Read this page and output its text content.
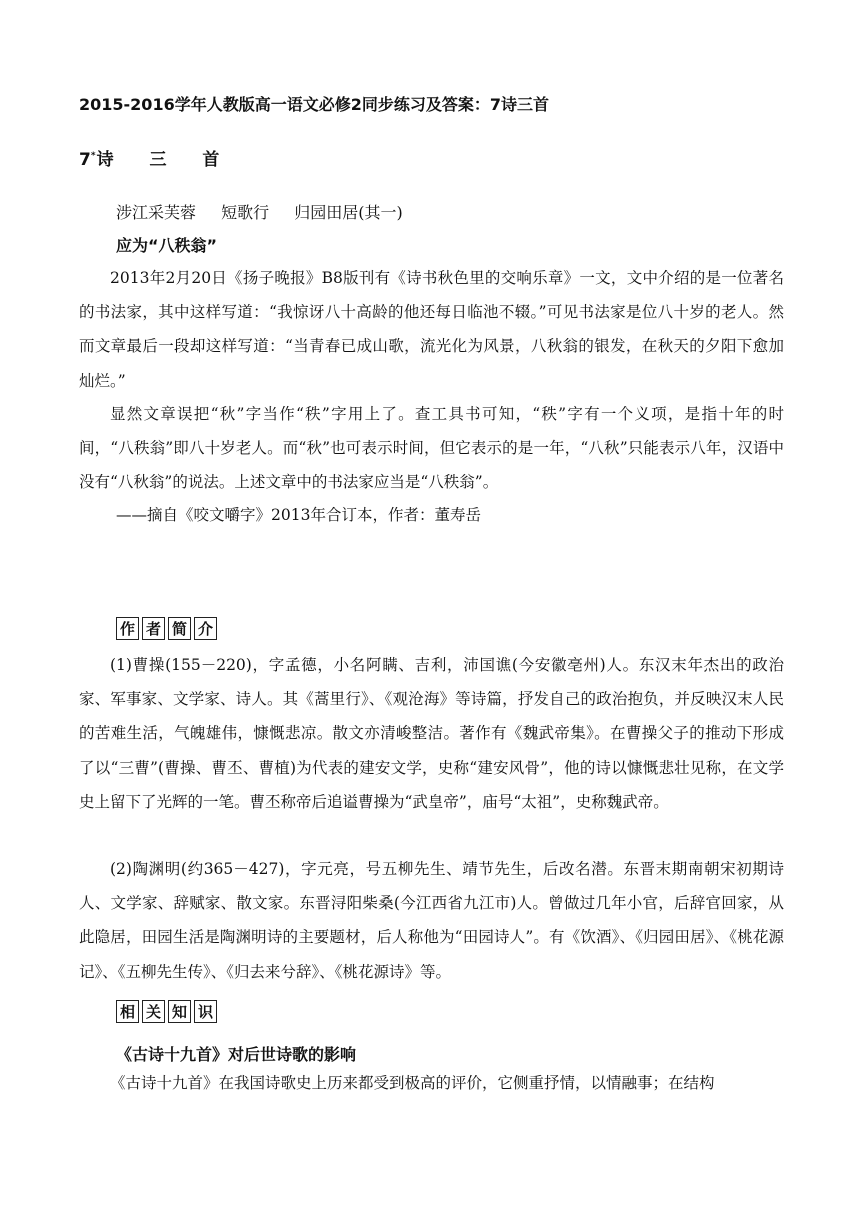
2015-2016学年人教版高一语文必修2同步练习及答案：7诗三首
7*诗 三 首
涉江采芙蓉 短歌行 归园田居(其一)
应为“八秩翁”

2013年2月20日《扬子晚报》B8版刊有《诗书秋色里的交响乐章》一文，文中介绍的是一位著名的书法家，其中这样写道：“我惊讶八十高龄的他还每日临池不辍。”可见书法家是位八十岁的老人。然而文章最后一段却这样写道：“当青春已成山歌，流光化为风景，八秋翁的银发，在秋天的夕阳下愈加灿烂。”

显然文章误把“秋”字当作“秩”字用上了。查工具书可知，“秩”字有一个义项，是指十年的时间，“八秩翁”即八十岁老人。而“秋”也可表示时间，但它表示的是一年，“八秋”只能表示八年，汉语中没有“八秋翁”的说法。上述文章中的书法家应当是“八秩翁”。

——摘自《咬文嚼字》2013年合订本，作者：董寿岳
作 者 简 介

(1)曹操(155－220)，字孟德，小名阿瞒、吉利，沛国谯(今安徽亳州)人。东汉末年杰出的政治家、军事家、文学家、诗人。其《蒿里行》、《观沧海》等诗篇，抒发自己的政治抱负，并反映汉末人民的苦难生活，气魄雄伟，慷慨悲凉。散文亦清峻整洁。著作有《魏武帝集》。在曹操父子的推动下形成了以“三曹”(曹操、曹丕、曹植)为代表的建安文学，史称“建安风骨”，他的诗以慷慨悲壮见称，在文学史上留下了光辉的一笔。曹丕称帝后追谥曹操为“武皇帝”，庙号“太祖”，史称魏武帝。

(2)陶渊明(约365－427)，字元亮，号五柳先生、靖节先生，后改名潜。东晋末期南朝宋初期诗人、文学家、辞赋家、散文家。东晋浔阳柴桑(今江西省九江市)人。曾做过几年小官，后辞官回家，从此隐居，田园生活是陶渊明诗的主要题材，后人称他为“田园诗人”。有《饮酒》、《归园田居》、《桃花源记》、《五柳先生传》、《归去来兮辞》、《桃花源诗》等。

相 关 知 识
《古诗十九首》对后世诗歌的影响

《古诗十九首》在我国诗歌史上历来都受到极高的评价，它侧重抒情，以情融事；在结构
